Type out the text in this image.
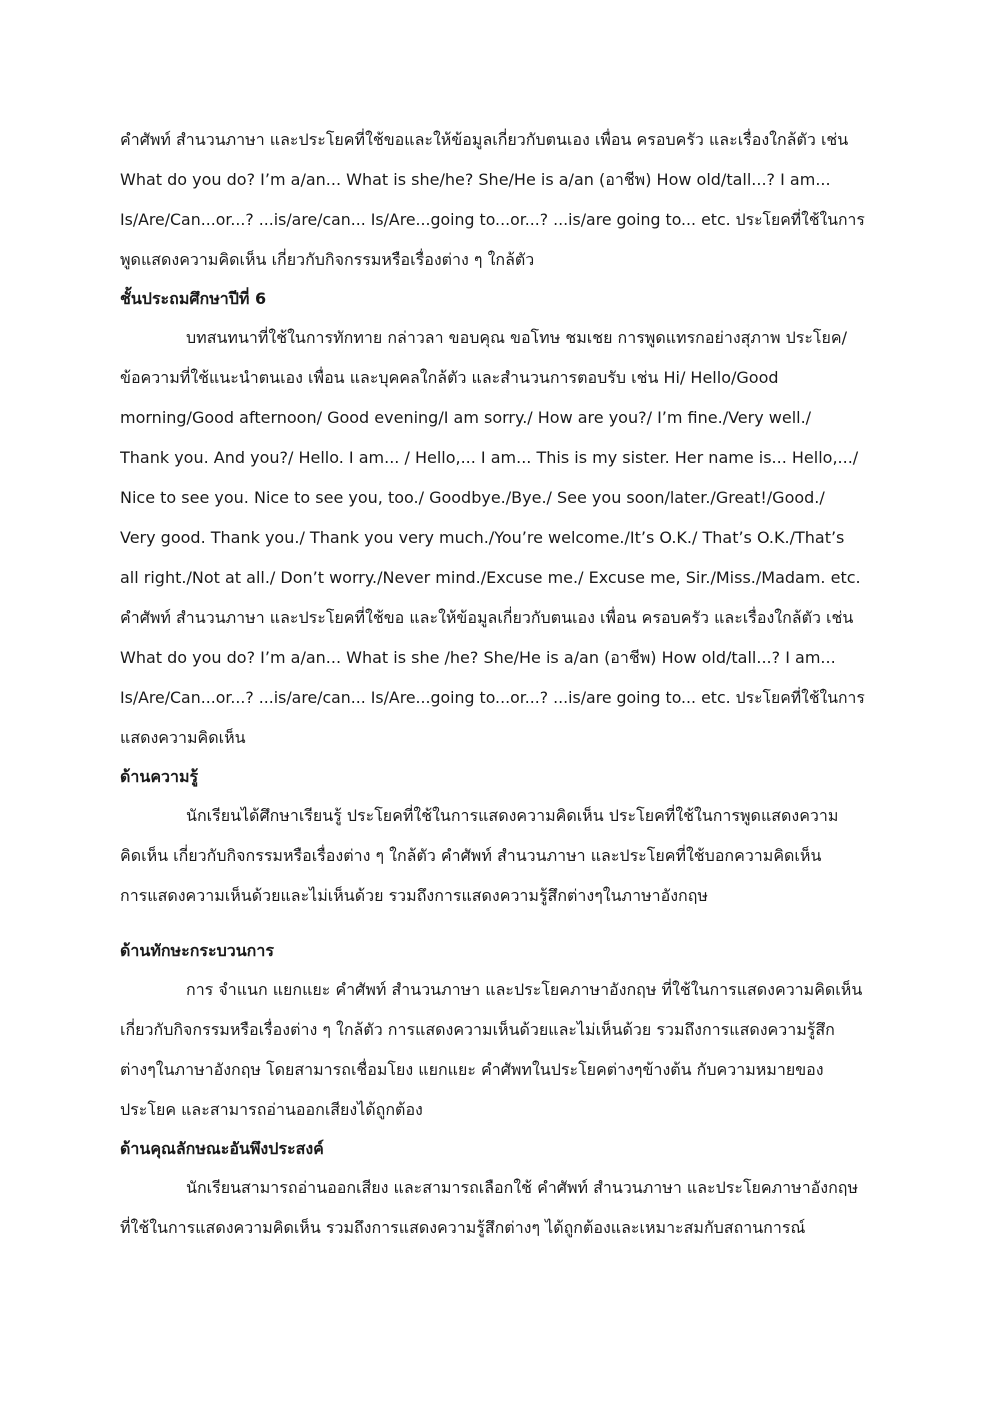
คำศัพท์ สำนวนภาษา และประโยคที่ใช้ขอและให้ข้อมูลเกี่ยวกับตนเอง เพื่อน ครอบครัว และเรื่องใกล้ตัว เช่น
What do you do? I’m a/an... What is she/he? She/He is a/an (อาชีพ) How old/tall...? I am...
Is/Are/Can...or...? ...is/are/can... Is/Are...going to...or...? ...is/are going to... etc. ประโยคที่ใช้ในการ
พูดแสดงความคิดเห็น เกี่ยวกับกิจกรรมหรือเรื่องต่าง ๆ ใกล้ตัว
ชั้นประถมศึกษาปีที่ 6
บทสนทนาที่ใช้ในการทักทาย กล่าวลา ขอบคุณ ขอโทษ ชมเชย การพูดแทรกอย่างสุภาพ ประโยค/
ข้อความที่ใช้แนะนำตนเอง เพื่อน และบุคคลใกล้ตัว และสำนวนการตอบรับ เช่น Hi/ Hello/Good
morning/Good afternoon/ Good evening/I am sorry./ How are you?/ I’m fine./Very well./
Thank you. And you?/ Hello. I am... / Hello,... I am... This is my sister. Her name is... Hello,.../
Nice to see you. Nice to see you, too./ Goodbye./Bye./ See you soon/later./Great!/Good./
Very good. Thank you./ Thank you very much./You’re welcome./It’s O.K./ That’s O.K./That’s
all right./Not at all./ Don’t worry./Never mind./Excuse me./ Excuse me, Sir./Miss./Madam. etc.
คำศัพท์ สำนวนภาษา และประโยคที่ใช้ขอ และให้ข้อมูลเกี่ยวกับตนเอง เพื่อน ครอบครัว และเรื่องใกล้ตัว เช่น
What do you do? I’m a/an... What is she /he? She/He is a/an (อาชีพ) How old/tall...? I am...
Is/Are/Can...or...? ...is/are/can... Is/Are...going to...or...? ...is/are going to... etc. ประโยคที่ใช้ในการ
แสดงความคิดเห็น
ด้านความรู้
นักเรียนได้ศึกษาเรียนรู้ ประโยคที่ใช้ในการแสดงความคิดเห็น ประโยคที่ใช้ในการพูดแสดงความ
คิดเห็น เกี่ยวกับกิจกรรมหรือเรื่องต่าง ๆ ใกล้ตัว คำศัพท์ สำนวนภาษา และประโยคที่ใช้บอกความคิดเห็น
การแสดงความเห็นด้วยและไม่เห็นด้วย รวมถึงการแสดงความรู้สึกต่างๆในภาษาอังกฤษ
ด้านทักษะกระบวนการ
การ จำแนก แยกแยะ คำศัพท์ สำนวนภาษา และประโยคภาษาอังกฤษ ที่ใช้ในการแสดงความคิดเห็น
เกี่ยวกับกิจกรรมหรือเรื่องต่าง ๆ ใกล้ตัว การแสดงความเห็นด้วยและไม่เห็นด้วย รวมถึงการแสดงความรู้สึก
ต่างๆในภาษาอังกฤษ โดยสามารถเชื่อมโยง แยกแยะ คำศัพทในประโยคต่างๆข้างต้น กับความหมายของ
ประโยค และสามารถอ่านออกเสียงได้ถูกต้อง
ด้านคุณลักษณะอันพึงประสงค์
นักเรียนสามารถอ่านออกเสียง และสามารถเลือกใช้ คำศัพท์ สำนวนภาษา และประโยคภาษาอังกฤษ
ที่ใช้ในการแสดงความคิดเห็น รวมถึงการแสดงความรู้สึกต่างๆ ได้ถูกต้องและเหมาะสมกับสถานการณ์
